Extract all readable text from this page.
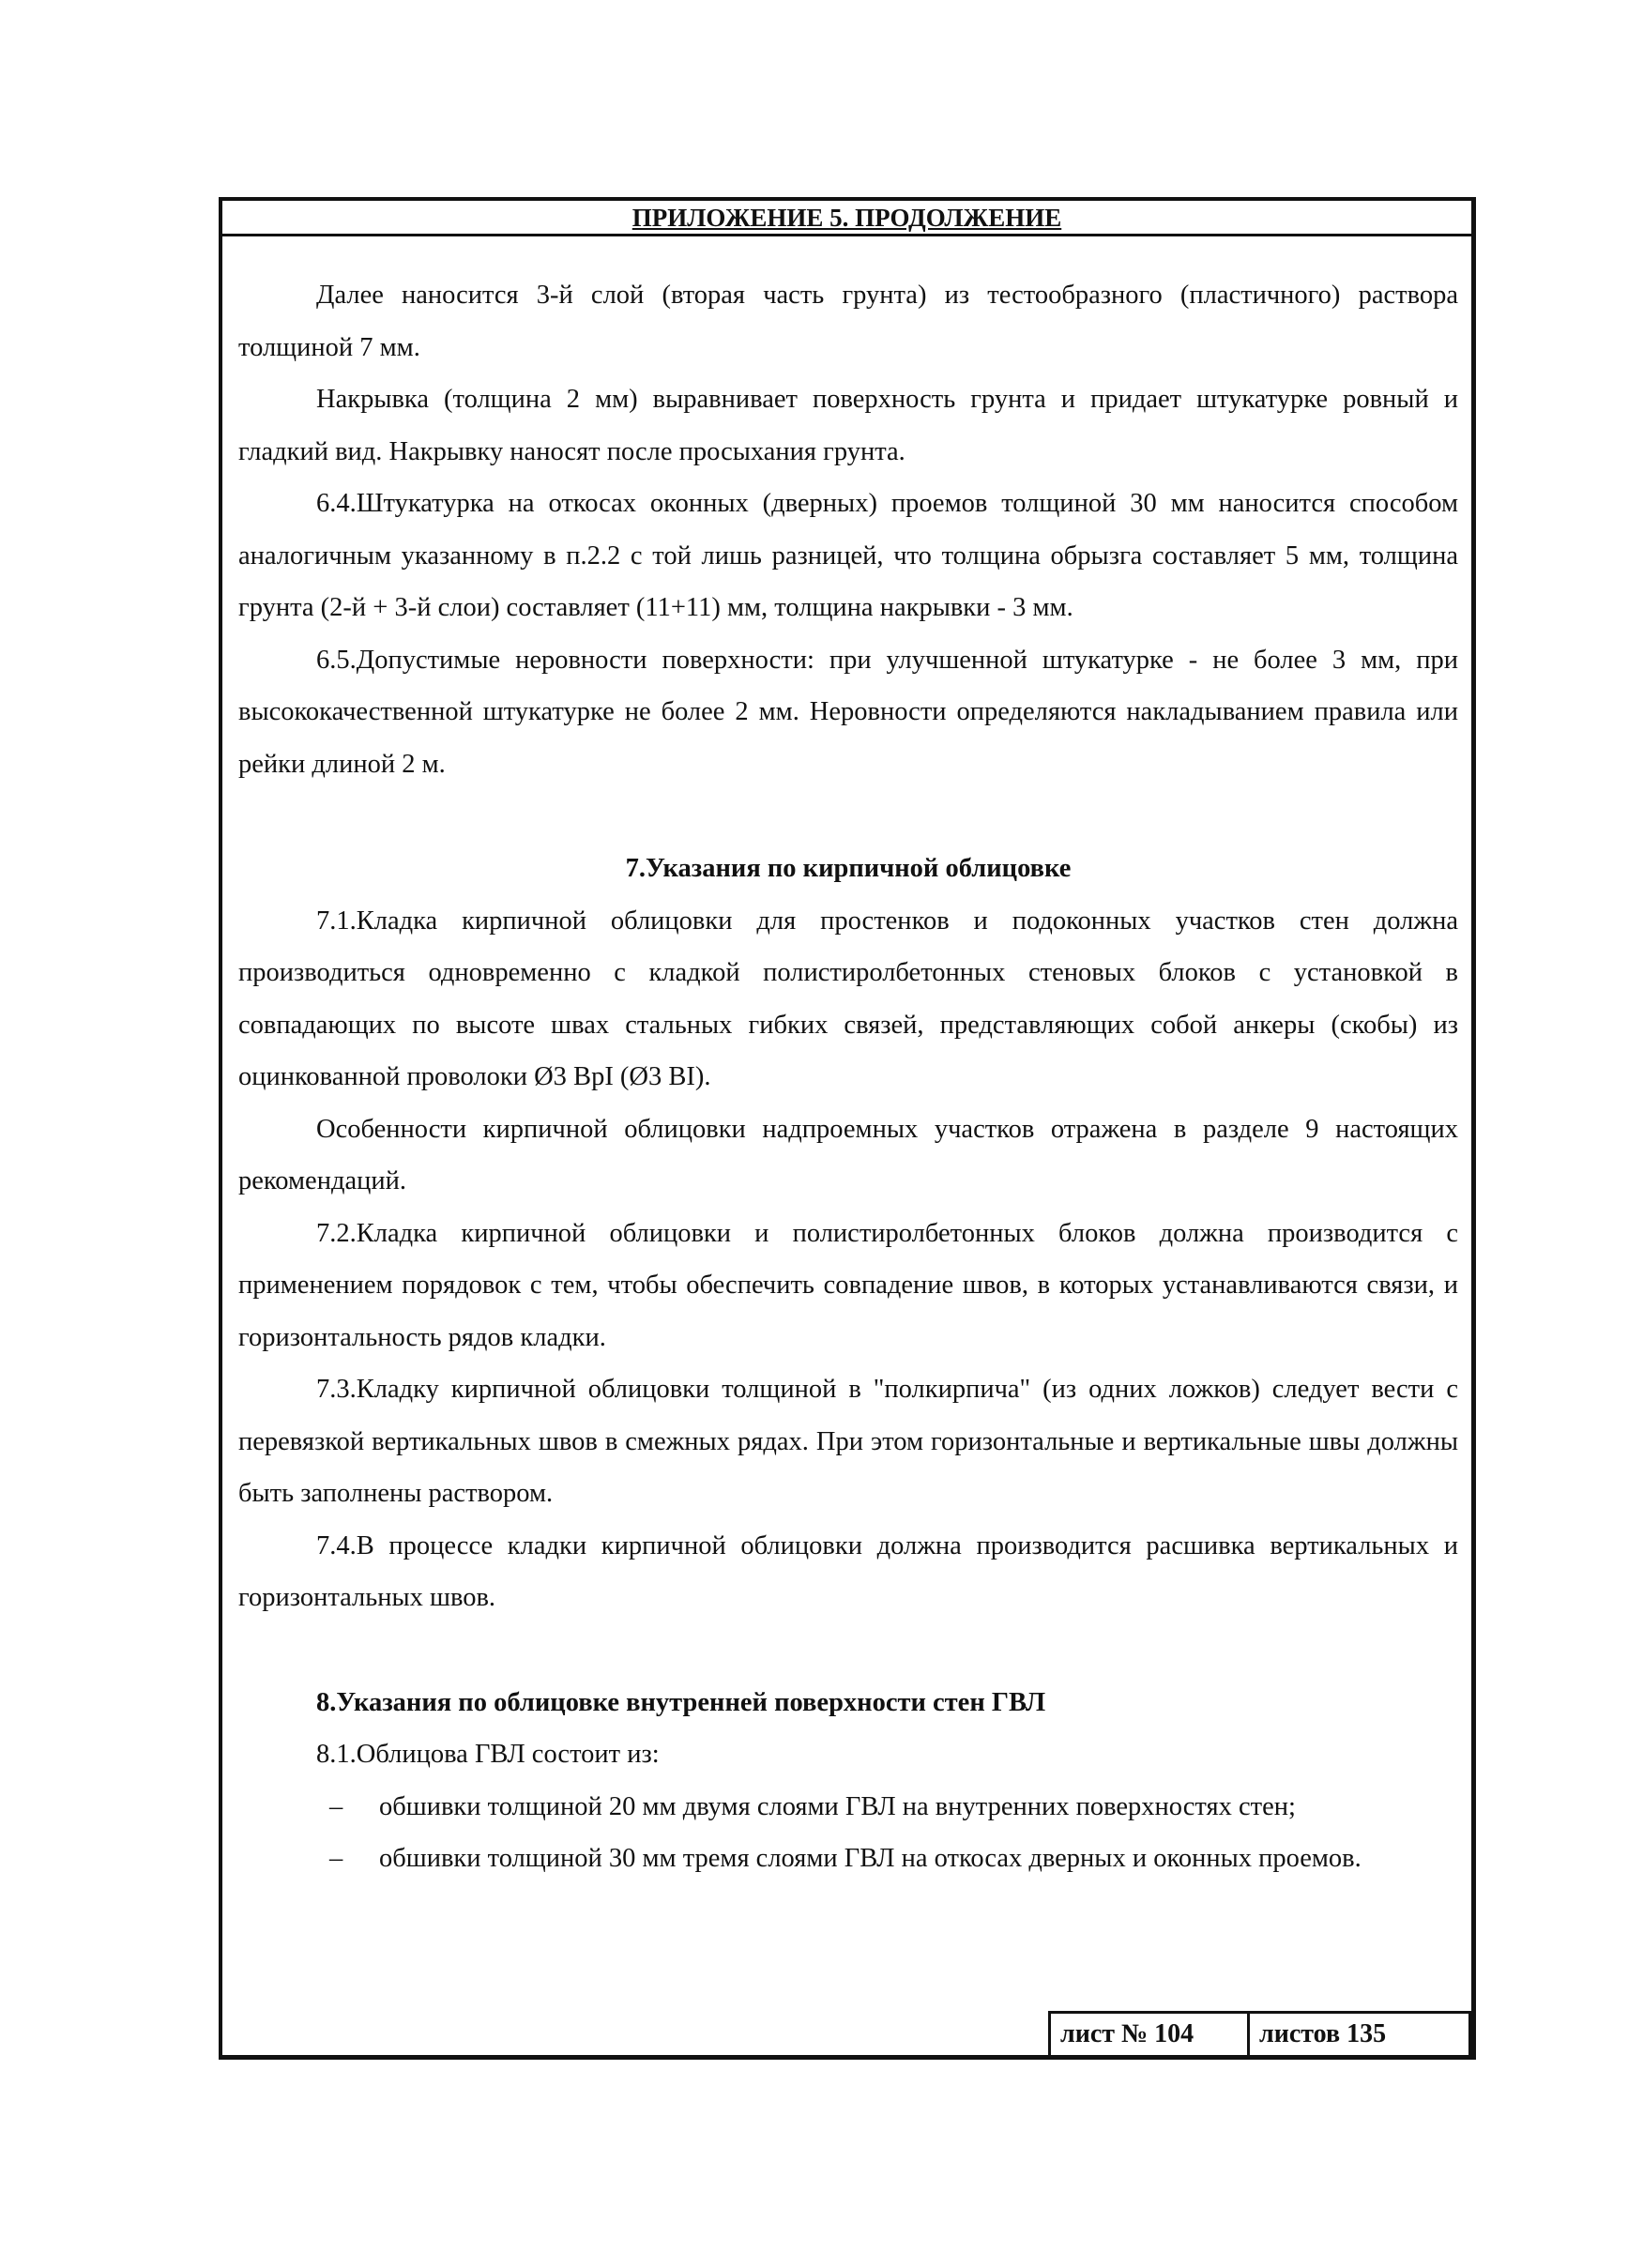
ПРИЛОЖЕНИЕ 5. ПРОДОЛЖЕНИЕ

Далее наносится 3-й слой (вторая часть грунта) из тестообразного (пластичного) раствора толщиной 7 мм.

Накрывка (толщина 2 мм) выравнивает поверхность грунта и придает штукатурке ровный и гладкий вид. Накрывку наносят после просыхания грунта.

6.4.Штукатурка на откосах оконных (дверных) проемов толщиной 30 мм наносится способом аналогичным указанному в п.2.2 с той лишь разницей, что толщина обрызга составляет 5 мм, толщина грунта (2-й + 3-й слои) составляет (11+11) мм, толщина накрывки - 3 мм.

6.5.Допустимые неровности поверхности: при улучшенной штукатурке - не более 3 мм, при высококачественной штукатурке не более 2 мм. Неровности определяются накладыванием правила или рейки длиной 2 м.

7.Указания по кирпичной облицовке

7.1.Кладка кирпичной облицовки для простенков и подоконных участков стен должна производиться одновременно с кладкой полистиролбетонных стеновых блоков с установкой в совпадающих по высоте швах стальных гибких связей, представляющих собой анкеры (скобы) из оцинкованной проволоки Ø3 BpI (Ø3 BI).

Особенности кирпичной облицовки надпроемных участков отражена в разделе 9 настоящих рекомендаций.

7.2.Кладка кирпичной облицовки и полистиролбетонных блоков должна производится с применением порядовок с тем, чтобы обеспечить совпадение швов, в которых устанавливаются связи, и горизонтальность рядов кладки.

7.3.Кладку кирпичной облицовки толщиной в "полкирпича" (из одних ложков) следует вести с перевязкой вертикальных швов в смежных рядах. При этом горизонтальные и вертикальные швы должны быть заполнены раствором.

7.4.В процессе кладки кирпичной облицовки должна производится расшивка вертикальных и горизонтальных швов.

8.Указания по облицовке внутренней поверхности стен ГВЛ

8.1.Облицова ГВЛ состоит из:

– обшивки толщиной 20 мм двумя слоями ГВЛ на внутренних поверхностях стен;

– обшивки толщиной 30 мм тремя слоями ГВЛ на откосах дверных и оконных проемов.

лист № 104	листов 135
